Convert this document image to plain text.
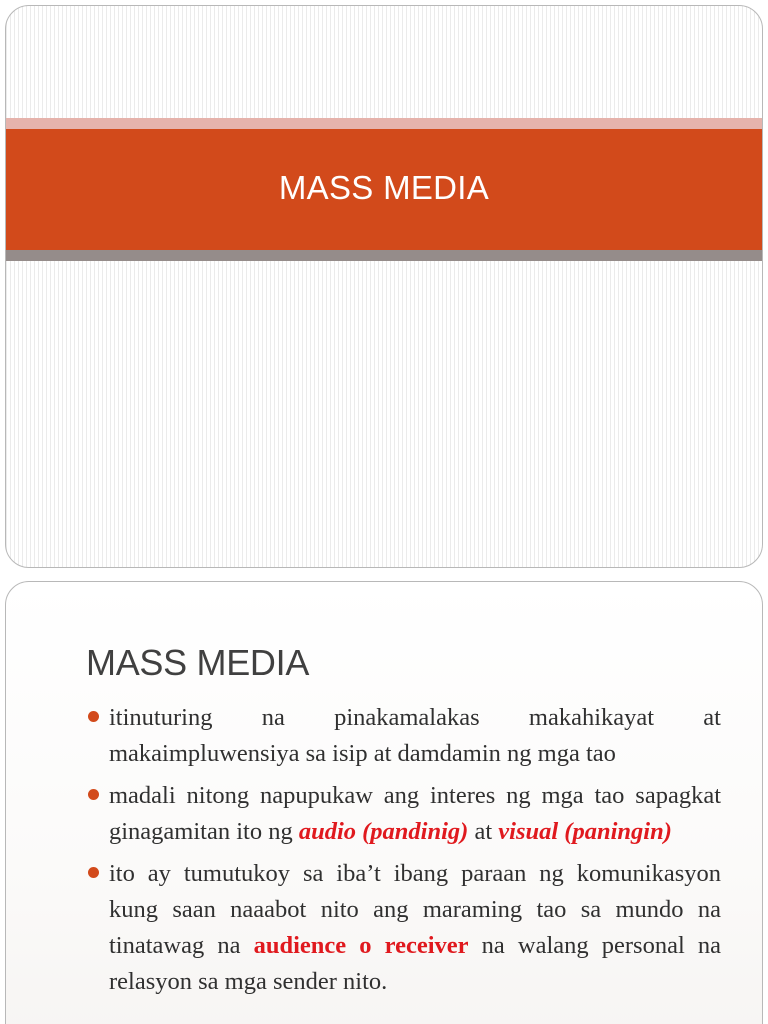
MASS MEDIA
MASS MEDIA
itinuturing na pinakamalakas makahikayat at makaimpluwensiya sa isip at damdamin ng mga tao
madali nitong napupukaw ang interes ng mga tao sapagkat ginagamitan ito ng audio (pandinig) at visual (paningin)
ito ay tumutukoy sa iba’t ibang paraan ng komunikasyon kung saan naaabot nito ang maraming tao sa mundo na tinatawag na audience o receiver na walang personal na relasyon sa mga sender nito.
